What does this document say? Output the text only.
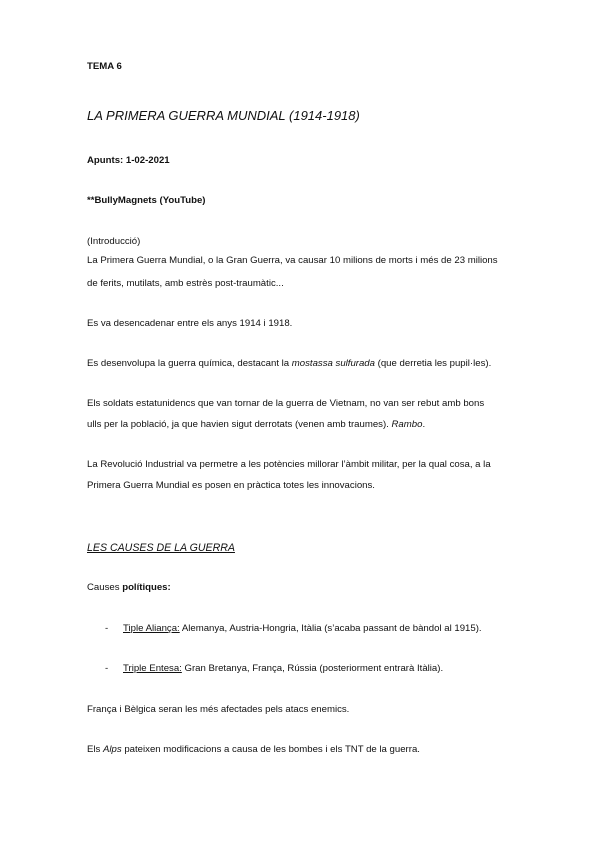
TEMA 6

LA PRIMERA GUERRA MUNDIAL (1914-1918)

Apunts: 1-02-2021

**BullyMagnets (YouTube)

(Introducció)

La Primera Guerra Mundial, o la Gran Guerra, va causar 10 milions de morts i més de 23 milions

de ferits, mutilats, amb estrès post-traumàtic...

Es va desencadenar entre els anys 1914 i 1918.

Es desenvolupa la guerra química, destacant la mostassa sulfurada (que derretia les pupil·les).

Els soldats estatunidencs que van tornar de la guerra de Vietnam, no van ser rebut amb bons

ulls per la població, ja que havien sigut derrotats (venen amb traumes). Rambo.

La Revolució Industrial va permetre a les potències millorar l’àmbit militar, per la qual cosa, a la

Primera Guerra Mundial es posen en pràctica totes les innovacions.

LES CAUSES DE LA GUERRA

Causes polítiques:

- Tiple Aliança: Alemanya, Austria-Hongria, Itàlia (s’acaba passant de bàndol al 1915).

- Triple Entesa: Gran Bretanya, França, Rússia (posteriorment entrarà Itàlia).

França i Bèlgica seran les més afectades pels atacs enemics.

Els Alps pateixen modificacions a causa de les bombes i els TNT de la guerra.
